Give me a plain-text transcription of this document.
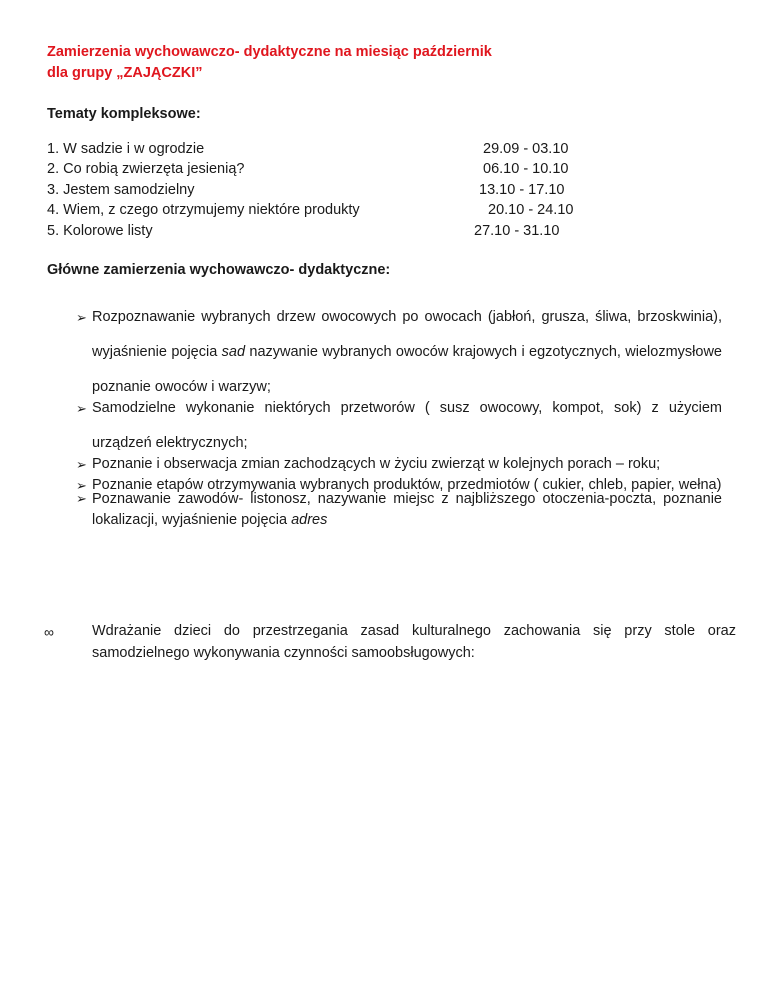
Zamierzenia wychowawczo- dydaktyczne na miesiąc październik
dla grupy „ZAJĄCZKI”
Tematy kompleksowe:
1. W sadzie i w ogrodzie	29.09 - 03.10
2. Co robią zwierzęta jesienią?	06.10 - 10.10
3. Jestem samodzielny	13.10 - 17.10
4. Wiem, z czego otrzymujemy niektóre produkty	20.10 - 24.10
5. Kolorowe listy	27.10 - 31.10
Główne zamierzenia wychowawczo- dydaktyczne:
➢ Rozpoznawanie wybranych drzew owocowych po owocach (jabłoń, grusza, śliwa, brzoskwinia), wyjaśnienie pojęcia sad nazywanie wybranych owoców krajowych i egzotycznych, wielozmysłowe poznanie owoców i warzyw;

➢ Samodzielne wykonanie niektórych przetworów ( susz owocowy, kompot, sok) z użyciem urządzeń elektrycznych;

➢ Poznanie i obserwacja zmian zachodzących w życiu zwierząt w kolejnych porach – roku;

➢ Poznanie etapów otrzymywania wybranych produktów, przedmiotów ( cukier, chleb, papier, wełna)

➢ Poznawanie zawodów- listonosz, nazywanie miejsc z najbliższego otoczenia-poczta, poznanie lokalizacji, wyjaśnienie pojęcia adres

∞	Wdrażanie dzieci do przestrzegania zasad kulturalnego zachowania się przy stole oraz samodzielnego wykonywania czynności samoobsługowych:
